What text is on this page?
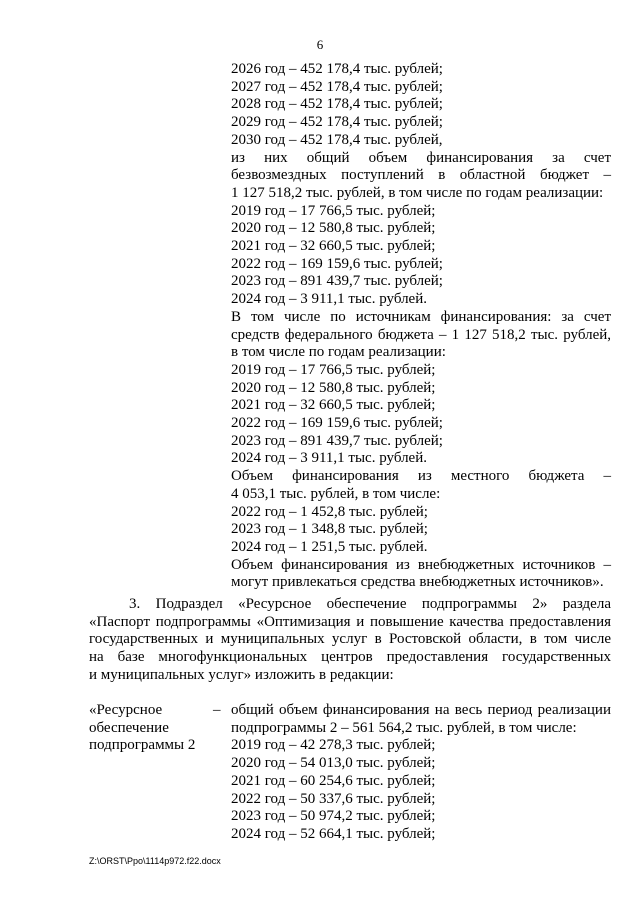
6
2026 год – 452 178,4 тыс. рублей;
2027 год – 452 178,4 тыс. рублей;
2028 год – 452 178,4 тыс. рублей;
2029 год – 452 178,4 тыс. рублей;
2030 год – 452 178,4 тыс. рублей,
из них общий объем финансирования за счет
безвозмездных поступлений в областной бюджет –
1 127 518,2 тыс. рублей, в том числе по годам реализации:
2019 год – 17 766,5 тыс. рублей;
2020 год – 12 580,8 тыс. рублей;
2021 год – 32 660,5 тыс. рублей;
2022 год – 169 159,6 тыс. рублей;
2023 год – 891 439,7 тыс. рублей;
2024 год – 3 911,1 тыс. рублей.
В том числе по источникам финансирования: за счет
средств федерального бюджета – 1 127 518,2 тыс. рублей,
в том числе по годам реализации:
2019 год – 17 766,5 тыс. рублей;
2020 год – 12 580,8 тыс. рублей;
2021 год – 32 660,5 тыс. рублей;
2022 год – 169 159,6 тыс. рублей;
2023 год – 891 439,7 тыс. рублей;
2024 год – 3 911,1 тыс. рублей.
Объем финансирования из местного бюджета –
4 053,1 тыс. рублей, в том числе:
2022 год – 1 452,8 тыс. рублей;
2023 год – 1 348,8 тыс. рублей;
2024 год – 1 251,5 тыс. рублей.
Объем финансирования из внебюджетных источников –
могут привлекаться средства внебюджетных источников».
3. Подраздел «Ресурсное обеспечение подпрограммы 2» раздела
«Паспорт подпрограммы «Оптимизация и повышение качества предоставления
государственных и муниципальных услуг в Ростовской области, в том числе
на базе многофункциональных центров предоставления государственных
и муниципальных услуг» изложить в редакции:
«Ресурсное
обеспечение
подпрограммы 2
– общий объем финансирования на весь период реализации
подпрограммы 2 – 561 564,2 тыс. рублей, в том числе:
2019 год – 42 278,3 тыс. рублей;
2020 год – 54 013,0 тыс. рублей;
2021 год – 60 254,6 тыс. рублей;
2022 год – 50 337,6 тыс. рублей;
2023 год – 50 974,2 тыс. рублей;
2024 год – 52 664,1 тыс. рублей;
Z:\ORST\Ppo\1114p972.f22.docx
